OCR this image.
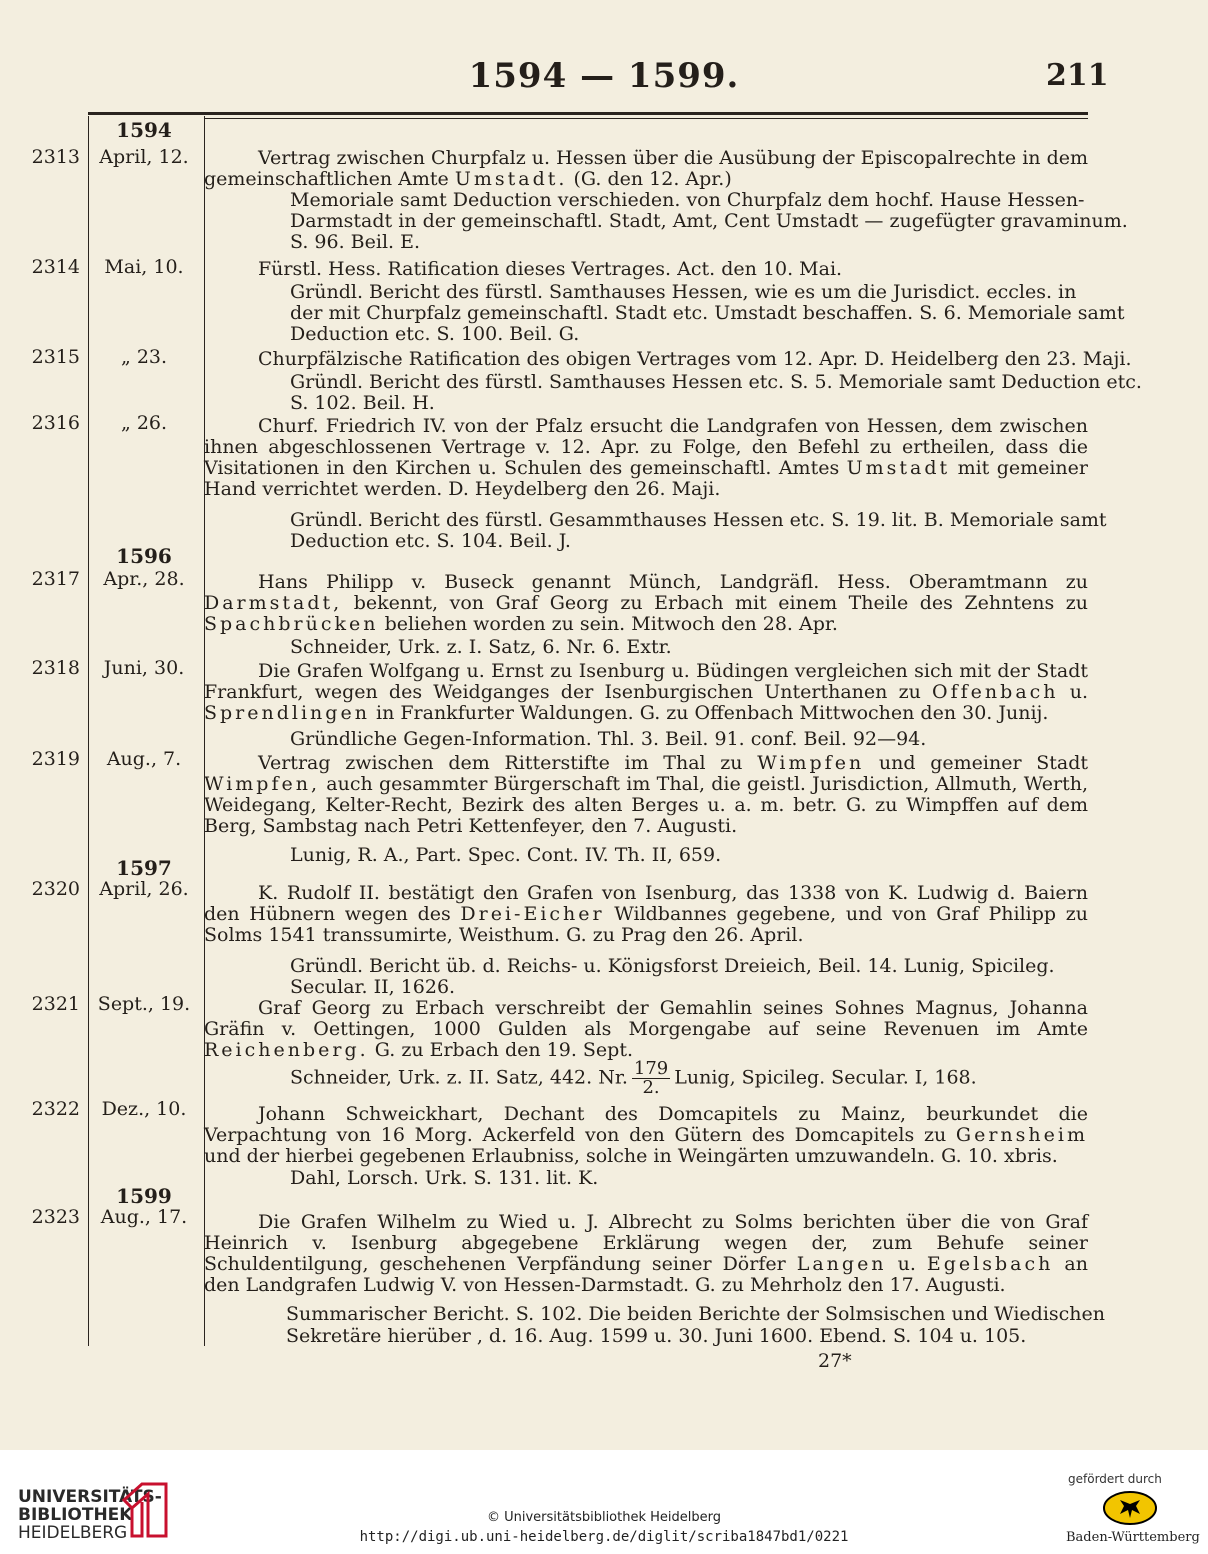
1594 — 1599.	211
1594
2313	April, 12.	Vertrag zwischen Churpfalz u. Hessen über die Ausübung der Episcopalrechte in dem gemeinschaftlichen Amte Umstadt. (G. den 12. Apr.)
Memoriale samt Deduction verschieden. von Churpfalz dem hochf. Hause Hessen-
Darmstadt in der gemeinschaftl. Stadt, Amt, Cent Umstadt — zugefügter gravaminum.
S. 96. Beil. E.
2314	Mai, 10.	Fürstl. Hess. Ratification dieses Vertrages. Act. den 10. Mai.
Gründl. Bericht des fürstl. Samthauses Hessen, wie es um die Jurisdict. eccles. in
der mit Churpfalz gemeinschaftl. Stadt etc. Umstadt beschaffen. S. 6. Memoriale samt
Deduction etc. S. 100. Beil. G.
2315	„ 23.	Churpfälzische Ratification des obigen Vertrages vom 12. Apr. D. Heidelberg den 23. Maji.
Gründl. Bericht des fürstl. Samthauses Hessen etc. S. 5. Memoriale samt Deduction etc.
S. 102. Beil. H.
2316	„ 26.	Churf. Friedrich IV. von der Pfalz ersucht die Landgrafen von Hessen, dem zwischen ihnen abgeschlossenen Vertrage v. 12. Apr. zu Folge, den Befehl zu ertheilen, dass die Visitationen in den Kirchen u. Schulen des gemeinschaftl. Amtes Umstadt mit gemeiner Hand verrichtet werden. D. Heydelberg den 26. Maji.
Gründl. Bericht des fürstl. Gesammthauses Hessen etc. S. 19. lit. B. Memoriale samt
Deduction etc. S. 104. Beil. J.
1596
2317	Apr., 28.	Hans Philipp v. Buseck genannt Münch, Landgräfl. Hess. Oberamtmann zu Darmstadt, bekennt, von Graf Georg zu Erbach mit einem Theile des Zehntens zu Spachbrücken beliehen worden zu sein. Mitwoch den 28. Apr.
Schneider, Urk. z. I. Satz, 6. Nr. 6. Extr.
2318	Juni, 30.	Die Grafen Wolfgang u. Ernst zu Isenburg u. Büdingen vergleichen sich mit der Stadt Frankfurt, wegen des Weidganges der Isenburgischen Unterthanen zu Offenbach u. Sprendlingen in Frankfurter Waldungen. G. zu Offenbach Mittwochen den 30. Junij.
Gründliche Gegen-Information. Thl. 3. Beil. 91. conf. Beil. 92—94.
2319	Aug., 7.	Vertrag zwischen dem Ritterstifte im Thal zu Wimpfen und gemeiner Stadt Wimpfen, auch gesammter Bürgerschaft im Thal, die geistl. Jurisdiction, Allmuth, Werth, Weidegang, Kelter-Recht, Bezirk des alten Berges u. a. m. betr. G. zu Wimpffen auf dem Berg, Sambstag nach Petri Kettenfeyer, den 7. Augusti.
Lunig, R. A., Part. Spec. Cont. IV. Th. II, 659.
1597
2320	April, 26.	K. Rudolf II. bestätigt den Grafen von Isenburg, das 1338 von K. Ludwig d. Baiern den Hübnern wegen des Drei-Eicher Wildbannes gegebene, und von Graf Philipp zu Solms 1541 transsumirte, Weisthum. G. zu Prag den 26. April.
Gründl. Bericht üb. d. Reichs- u. Königsforst Dreieich, Beil. 14. Lunig, Spicileg.
Secular. II, 1626.
2321 Sept., 19.	Graf Georg zu Erbach verschreibt der Gemahlin seines Sohnes Magnus, Johanna Gräfin v. Oettingen, 1000 Gulden als Morgengabe auf seine Revenuen im Amte Reichenberg. G. zu Erbach den 19. Sept.
Schneider, Urk. z. II. Satz, 442. Nr. $\frac{179}{2.}$ Lunig, Spicileg. Secular. I, 168.
2322	Dez., 10.	Johann Schweickhart, Dechant des Domcapitels zu Mainz, beurkundet die Verpachtung von 16 Morg. Ackerfeld von den Gütern des Domcapitels zu Gernsheim und der hierbei gegebenen Erlaubniss, solche in Weingärten umzuwandeln. G. 10. xbris.
Dahl, Lorsch. Urk. S. 131. lit. K.
1599
2323	Aug., 17.	Die Grafen Wilhelm zu Wied u. J. Albrecht zu Solms berichten über die von Graf Heinrich v. Isenburg abgegebene Erklärung wegen der, zum Behufe seiner Schuldentilgung, geschehenen Verpfändung seiner Dörfer Langen u. Egelsbach an den Landgrafen Ludwig V. von Hessen-Darmstadt. G. zu Mehrholz den 17. Augusti.
Summarischer Bericht. S. 102. Die beiden Berichte der Solmsischen und Wiedischen
Sekretäre hierüber , d. 16. Aug. 1599 u. 30. Juni 1600. Ebend. S. 104 u. 105.
27*
UNIVERSITÄTS-
BIBLIOTHEK
HEIDELBERG
© Universitätsbibliothek Heidelberg
http://digi.ub.uni-heidelberg.de/diglit/scriba1847bd1/0221
gefördert durch
Baden-Württemberg
